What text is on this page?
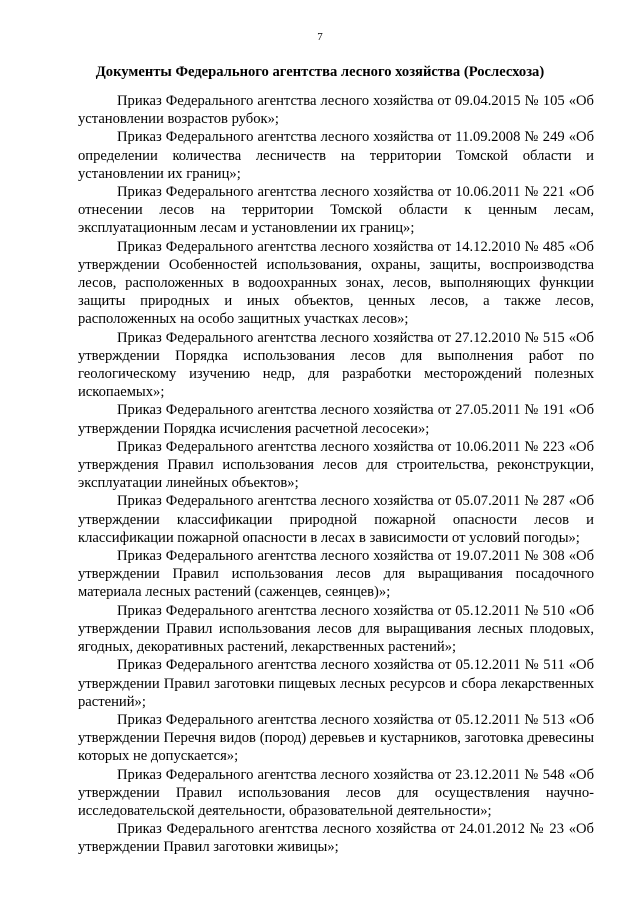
7
Документы Федерального агентства лесного хозяйства (Рослесхоза)

Приказ Федерального агентства лесного хозяйства от 09.04.2015 № 105 «Об установлении возрастов рубок»;

Приказ Федерального агентства лесного хозяйства от 11.09.2008 № 249 «Об определении количества лесничеств на территории Томской области и установлении их границ»;

Приказ Федерального агентства лесного хозяйства от 10.06.2011 № 221 «Об отнесении лесов на территории Томской области к ценным лесам, эксплуатационным лесам и установлении их границ»;

Приказ Федерального агентства лесного хозяйства от 14.12.2010 № 485 «Об утверждении Особенностей использования, охраны, защиты, воспроизводства лесов, расположенных в водоохранных зонах, лесов, выполняющих функции защиты природных и иных объектов, ценных лесов, а также лесов, расположенных на особо защитных участках лесов»;

Приказ Федерального агентства лесного хозяйства от 27.12.2010 № 515 «Об утверждении Порядка использования лесов для выполнения работ по геологическому изучению недр, для разработки месторождений полезных ископаемых»;

Приказ Федерального агентства лесного хозяйства от 27.05.2011 № 191 «Об утверждении Порядка исчисления расчетной лесосеки»;

Приказ Федерального агентства лесного хозяйства от 10.06.2011 № 223 «Об утверждения Правил использования лесов для строительства, реконструкции, эксплуатации линейных объектов»;

Приказ Федерального агентства лесного хозяйства от 05.07.2011 № 287 «Об утверждении классификации природной пожарной опасности лесов и классификации пожарной опасности в лесах в зависимости от условий погоды»;

Приказ Федерального агентства лесного хозяйства от 19.07.2011 № 308 «Об утверждении Правил использования лесов для выращивания посадочного материала лесных растений (саженцев, сеянцев)»;

Приказ Федерального агентства лесного хозяйства от 05.12.2011 № 510 «Об утверждении Правил использования лесов для выращивания лесных плодовых, ягодных, декоративных растений, лекарственных растений»;

Приказ Федерального агентства лесного хозяйства от 05.12.2011 № 511 «Об утверждении Правил заготовки пищевых лесных ресурсов и сбора лекарственных растений»;

Приказ Федерального агентства лесного хозяйства от 05.12.2011 № 513 «Об утверждении Перечня видов (пород) деревьев и кустарников, заготовка древесины которых не допускается»;

Приказ Федерального агентства лесного хозяйства от 23.12.2011 № 548 «Об утверждении Правил использования лесов для осуществления научно-исследовательской деятельности, образовательной деятельности»;

Приказ Федерального агентства лесного хозяйства от 24.01.2012 № 23 «Об утверждении Правил заготовки живицы»;
